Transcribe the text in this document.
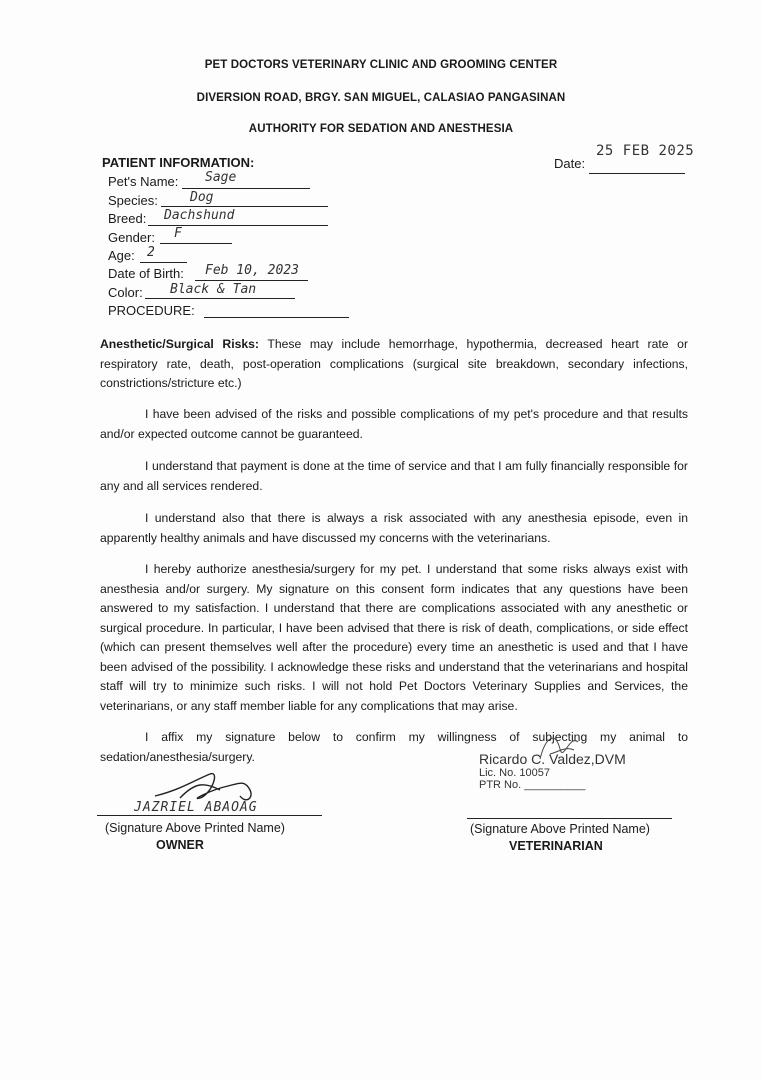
PET DOCTORS VETERINARY CLINIC AND GROOMING CENTER
DIVERSION ROAD, BRGY. SAN MIGUEL, CALASIAO PANGASINAN
AUTHORITY FOR SEDATION AND ANESTHESIA
PATIENT INFORMATION:	Date:
25 FEB 2025
Pet's Name: Sage
Species: Dog
Breed: Dachshund
Gender: F
Age: 2
Date of Birth: Feb 10, 2023
Color: Black & Tan
PROCEDURE:
Anesthetic/Surgical Risks: These may include hemorrhage, hypothermia, decreased heart rate or respiratory rate, death, post-operation complications (surgical site breakdown, secondary infections, constrictions/stricture etc.)
I have been advised of the risks and possible complications of my pet's procedure and that results and/or expected outcome cannot be guaranteed.
I understand that payment is done at the time of service and that I am fully financially responsible for any and all services rendered.
I understand also that there is always a risk associated with any anesthesia episode, even in apparently healthy animals and have discussed my concerns with the veterinarians.
I hereby authorize anesthesia/surgery for my pet. I understand that some risks always exist with anesthesia and/or surgery. My signature on this consent form indicates that any questions have been answered to my satisfaction. I understand that there are complications associated with any anesthetic or surgical procedure. In particular, I have been advised that there is risk of death, complications, or side effect (which can present themselves well after the procedure) every time an anesthetic is used and that I have been advised of the possibility. I acknowledge these risks and understand that the veterinarians and hospital staff will try to minimize such risks. I will not hold Pet Doctors Veterinary Supplies and Services, the veterinarians, or any staff member liable for any complications that may arise.
I affix my signature below to confirm my willingness of subjecting my animal to sedation/anesthesia/surgery.	Ricardo C. Valdez,DVM
Lic. No. 10057
PTR No. __________
JAZRIEL ABAOAG
(Signature Above Printed Name)
OWNER
(Signature Above Printed Name)
VETERINARIAN
